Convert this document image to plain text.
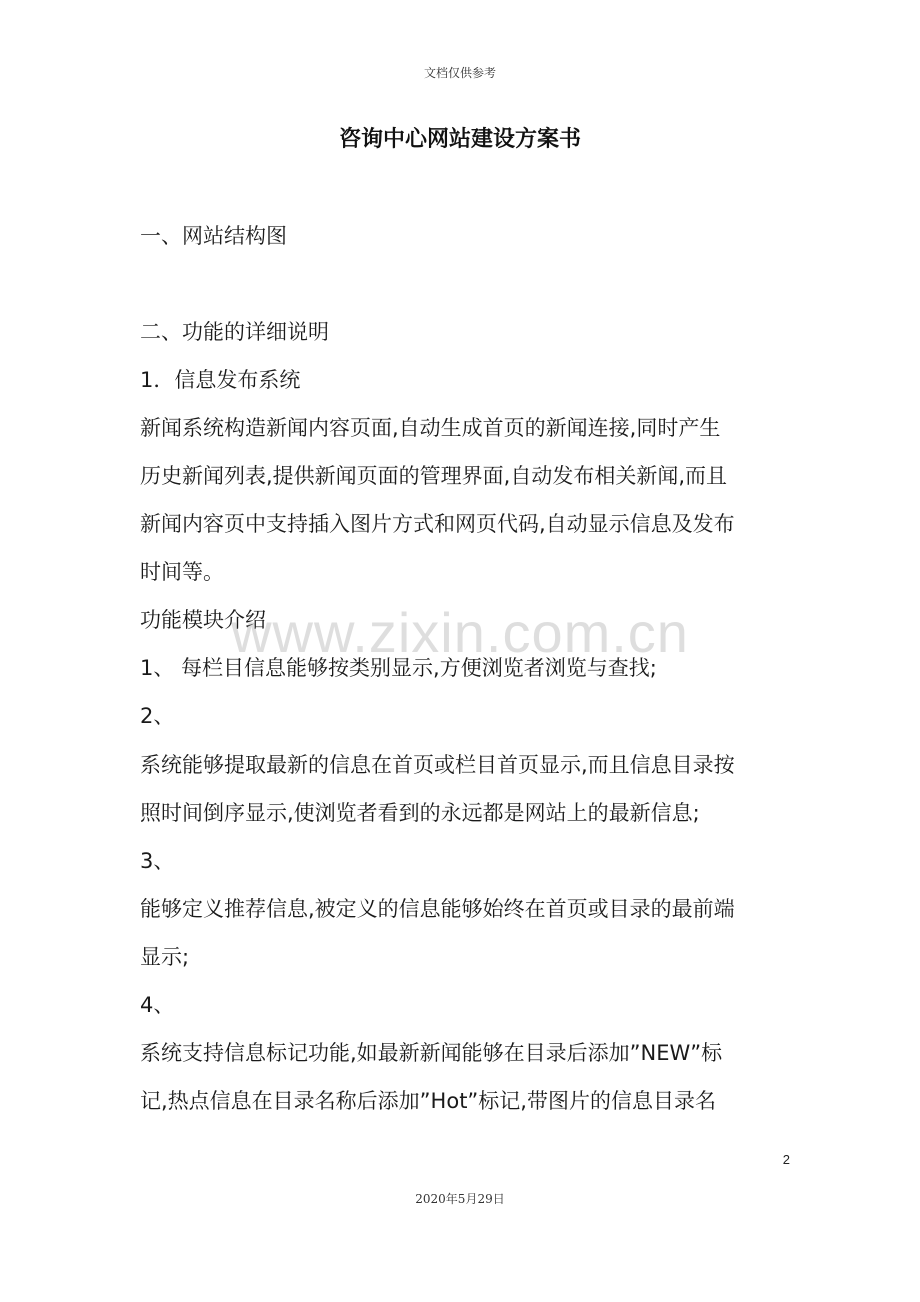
文档仅供参考
咨询中心网站建设方案书
一、网站结构图
二、功能的详细说明
1．信息发布系统
新闻系统构造新闻内容页面,自动生成首页的新闻连接,同时产生
历史新闻列表,提供新闻页面的管理界面,自动发布相关新闻,而且
新闻内容页中支持插入图片方式和网页代码,自动显示信息及发布
时间等。
功能模块介绍
1、 每栏目信息能够按类别显示,方便浏览者浏览与查找;
2、
系统能够提取最新的信息在首页或栏目首页显示,而且信息目录按
照时间倒序显示,使浏览者看到的永远都是网站上的最新信息;
3、
能够定义推荐信息,被定义的信息能够始终在首页或目录的最前端
显示;
4、
系统支持信息标记功能,如最新新闻能够在目录后添加”NEW”标
记,热点信息在目录名称后添加”Hot”标记,带图片的信息目录名
www.zixin.com.cn
2
2020年5月29日
